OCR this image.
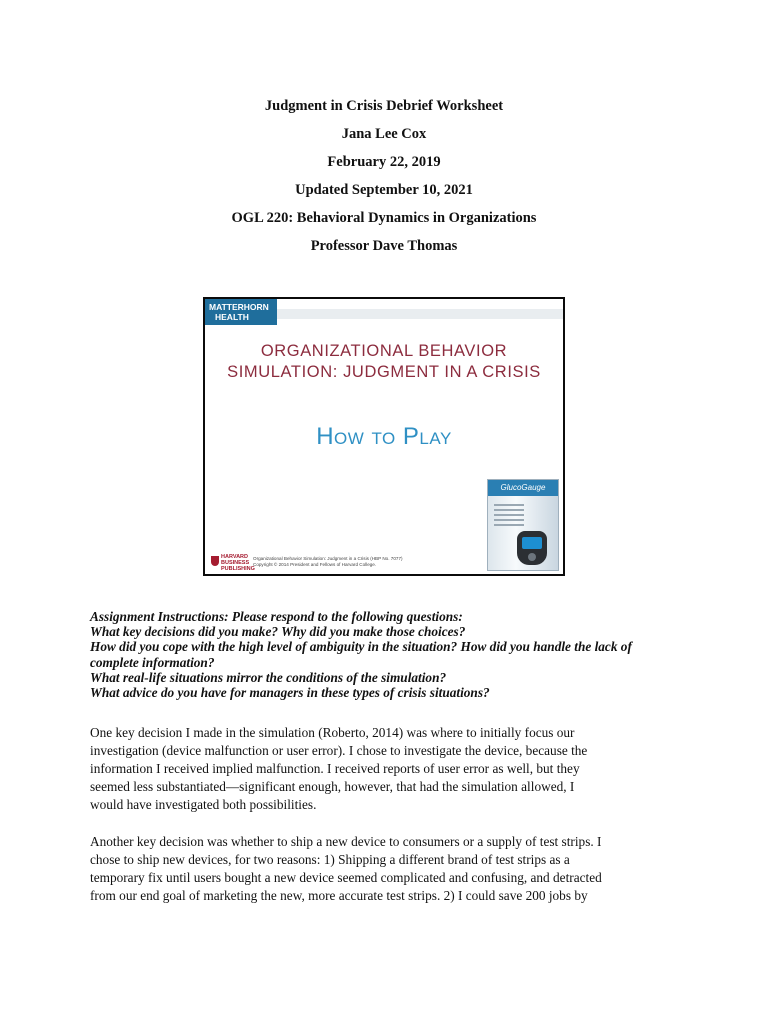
Judgment in Crisis Debrief Worksheet
Jana Lee Cox
February 22, 2019
Updated September 10, 2021
OGL 220: Behavioral Dynamics in Organizations
Professor Dave Thomas
MATTERHORN
HEALTH
ORGANIZATIONAL BEHAVIOR
SIMULATION: JUDGMENT IN A CRISIS
How to Play
GlucoGauge
HARVARD
BUSINESS
PUBLISHING
Organizational Behavior Simulation: Judgment in a Crisis (HBP No. 7077)
Copyright © 2014 President and Fellows of Harvard College.
Assignment Instructions: Please respond to the following questions:
What key decisions did you make? Why did you make those choices?
How did you cope with the high level of ambiguity in the situation? How did you handle the lack of
complete information?
What real-life situations mirror the conditions of the simulation?
What advice do you have for managers in these types of crisis situations?
One key decision I made in the simulation (Roberto, 2014) was where to initially focus our
investigation (device malfunction or user error). I chose to investigate the device, because the
information I received implied malfunction. I received reports of user error as well, but they
seemed less substantiated—significant enough, however, that had the simulation allowed, I
would have investigated both possibilities.
Another key decision was whether to ship a new device to consumers or a supply of test strips. I
chose to ship new devices, for two reasons: 1) Shipping a different brand of test strips as a
temporary fix until users bought a new device seemed complicated and confusing, and detracted
from our end goal of marketing the new, more accurate test strips. 2) I could save 200 jobs by
